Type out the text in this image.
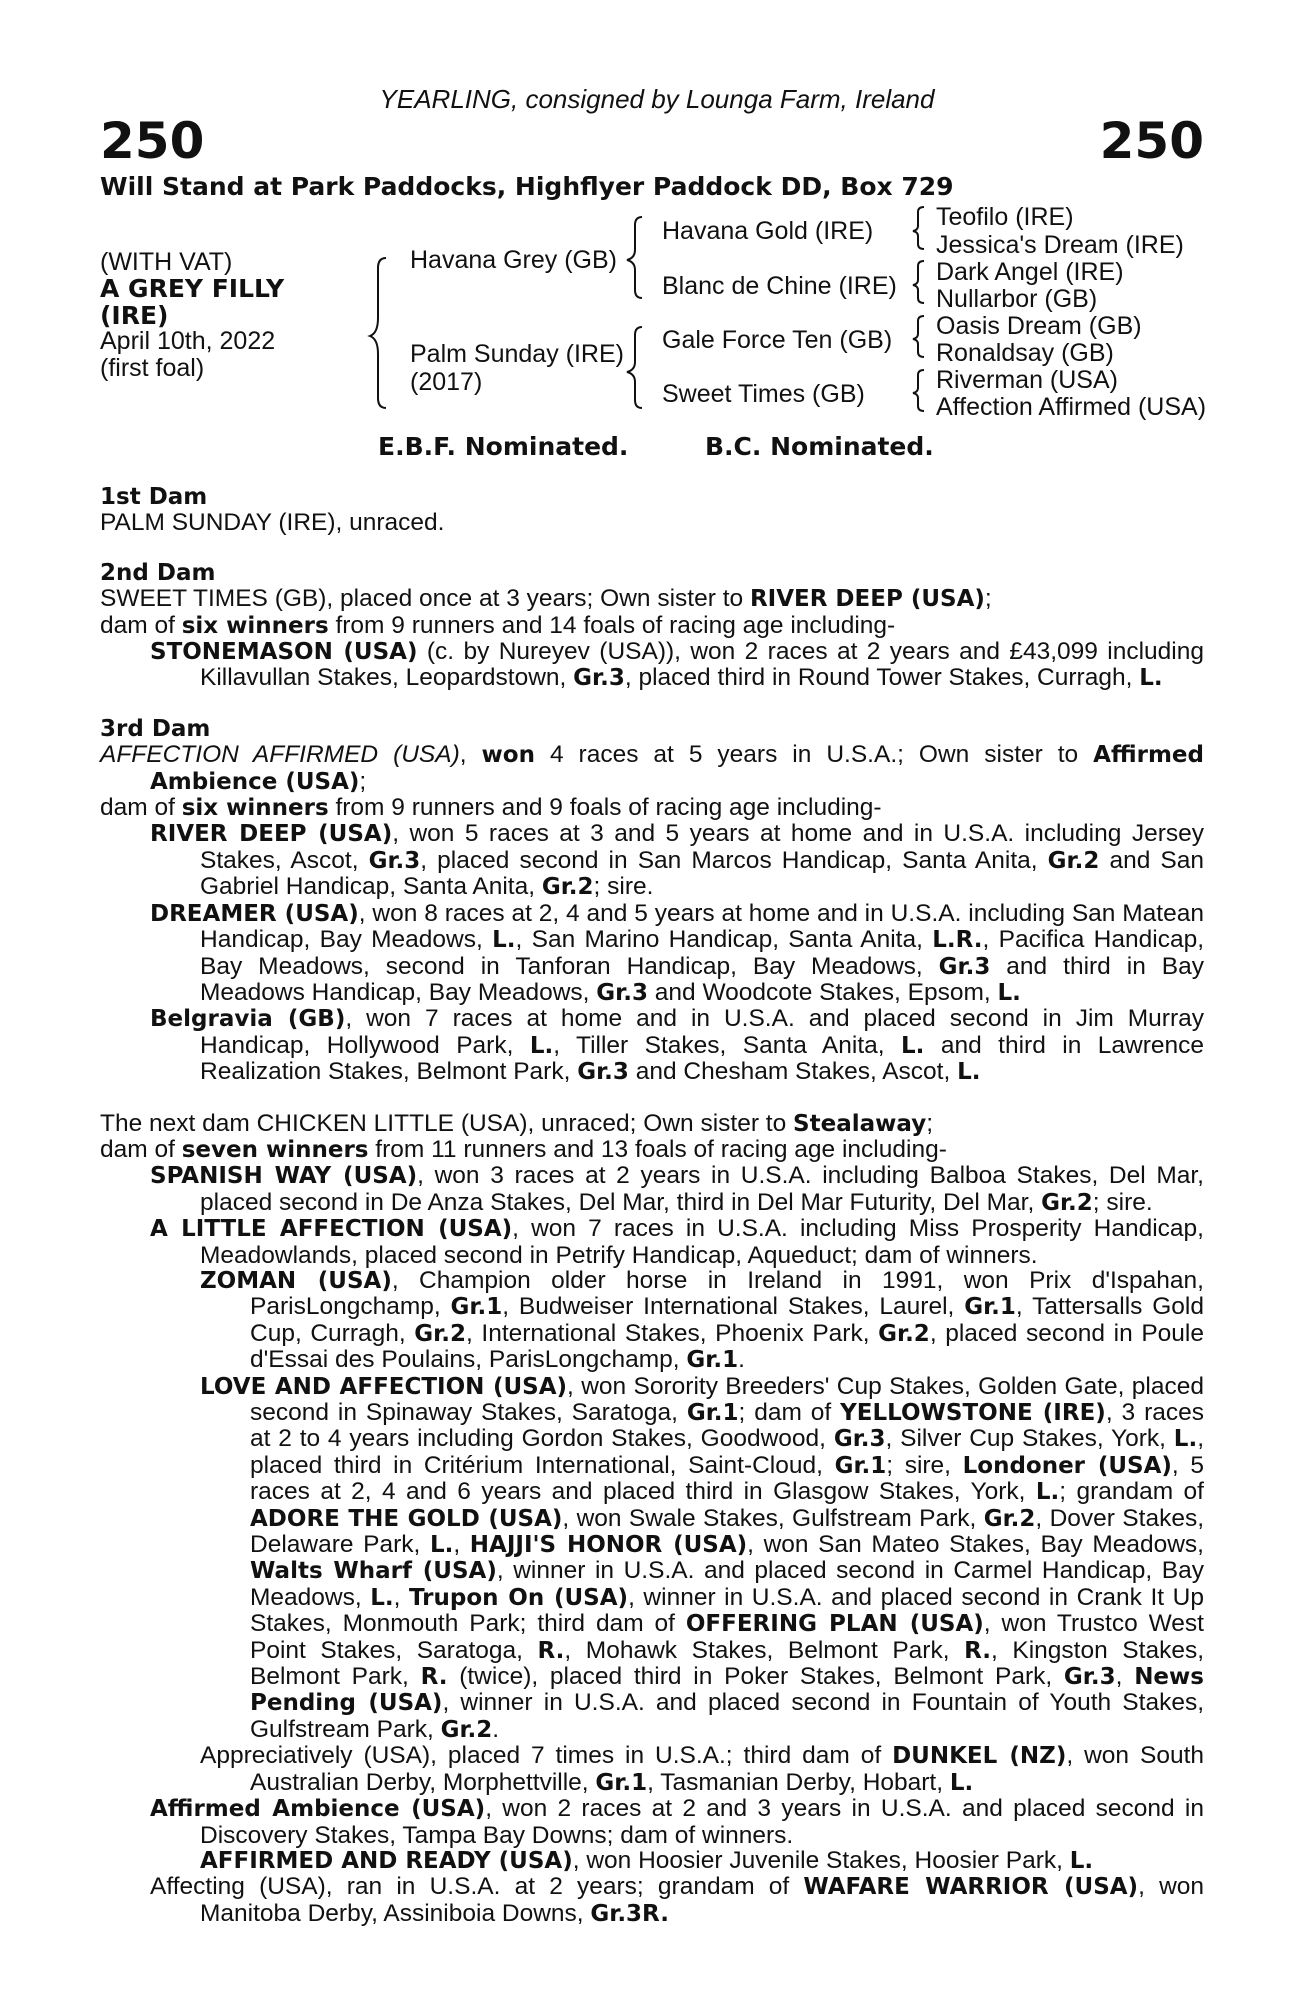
YEARLING, consigned by Lounga Farm, Ireland
250	250
Will Stand at Park Paddocks, Highflyer Paddock DD, Box 729
(WITH VAT)
A GREY FILLY
(IRE)
April 10th, 2022
(first foal)
Havana Grey (GB)
Palm Sunday (IRE)
(2017)
Havana Gold (IRE)
Blanc de Chine (IRE)
Gale Force Ten (GB)
Sweet Times (GB)
Teofilo (IRE)
Jessica's Dream (IRE)
Dark Angel (IRE)
Nullarbor (GB)
Oasis Dream (GB)
Ronaldsay (GB)
Riverman (USA)
Affection Affirmed (USA)
E.B.F. Nominated.	B.C. Nominated.
1st Dam

PALM SUNDAY (IRE), unraced.

2nd Dam

SWEET TIMES (GB), placed once at 3 years; Own sister to RIVER DEEP (USA);

dam of six winners from 9 runners and 14 foals of racing age including-

STONEMASON (USA) (c. by Nureyev (USA)), won 2 races at 2 years and £43,099 including Killavullan Stakes, Leopardstown, Gr.3, placed third in Round Tower Stakes, Curragh, L.

3rd Dam

AFFECTION AFFIRMED (USA), won 4 races at 5 years in U.S.A.; Own sister to Affirmed Ambience (USA);

dam of six winners from 9 runners and 9 foals of racing age including-

RIVER DEEP (USA), won 5 races at 3 and 5 years at home and in U.S.A. including Jersey Stakes, Ascot, Gr.3, placed second in San Marcos Handicap, Santa Anita, Gr.2 and San Gabriel Handicap, Santa Anita, Gr.2; sire.

DREAMER (USA), won 8 races at 2, 4 and 5 years at home and in U.S.A. including San Matean Handicap, Bay Meadows, L., San Marino Handicap, Santa Anita, L.R., Pacifica Handicap, Bay Meadows, second in Tanforan Handicap, Bay Meadows, Gr.3 and third in Bay Meadows Handicap, Bay Meadows, Gr.3 and Woodcote Stakes, Epsom, L.

Belgravia (GB), won 7 races at home and in U.S.A. and placed second in Jim Murray Handicap, Hollywood Park, L., Tiller Stakes, Santa Anita, L. and third in Lawrence Realization Stakes, Belmont Park, Gr.3 and Chesham Stakes, Ascot, L.

The next dam CHICKEN LITTLE (USA), unraced; Own sister to Stealaway;

dam of seven winners from 11 runners and 13 foals of racing age including-

SPANISH WAY (USA), won 3 races at 2 years in U.S.A. including Balboa Stakes, Del Mar, placed second in De Anza Stakes, Del Mar, third in Del Mar Futurity, Del Mar, Gr.2; sire.

A LITTLE AFFECTION (USA), won 7 races in U.S.A. including Miss Prosperity Handicap, Meadowlands, placed second in Petrify Handicap, Aqueduct; dam of winners.

ZOMAN (USA), Champion older horse in Ireland in 1991, won Prix d'Ispahan, ParisLongchamp, Gr.1, Budweiser International Stakes, Laurel, Gr.1, Tattersalls Gold Cup, Curragh, Gr.2, International Stakes, Phoenix Park, Gr.2, placed second in Poule d'Essai des Poulains, ParisLongchamp, Gr.1.

LOVE AND AFFECTION (USA), won Sorority Breeders' Cup Stakes, Golden Gate, placed second in Spinaway Stakes, Saratoga, Gr.1; dam of YELLOWSTONE (IRE), 3 races at 2 to 4 years including Gordon Stakes, Goodwood, Gr.3, Silver Cup Stakes, York, L., placed third in Critérium International, Saint-Cloud, Gr.1; sire, Londoner (USA), 5 races at 2, 4 and 6 years and placed third in Glasgow Stakes, York, L.; grandam of ADORE THE GOLD (USA), won Swale Stakes, Gulfstream Park, Gr.2, Dover Stakes, Delaware Park, L., HAJJI'S HONOR (USA), won San Mateo Stakes, Bay Meadows, Walts Wharf (USA), winner in U.S.A. and placed second in Carmel Handicap, Bay Meadows, L., Trupon On (USA), winner in U.S.A. and placed second in Crank It Up Stakes, Monmouth Park; third dam of OFFERING PLAN (USA), won Trustco West Point Stakes, Saratoga, R., Mohawk Stakes, Belmont Park, R., Kingston Stakes, Belmont Park, R. (twice), placed third in Poker Stakes, Belmont Park, Gr.3, News Pending (USA), winner in U.S.A. and placed second in Fountain of Youth Stakes, Gulfstream Park, Gr.2.

Appreciatively (USA), placed 7 times in U.S.A.; third dam of DUNKEL (NZ), won South Australian Derby, Morphettville, Gr.1, Tasmanian Derby, Hobart, L.

Affirmed Ambience (USA), won 2 races at 2 and 3 years in U.S.A. and placed second in Discovery Stakes, Tampa Bay Downs; dam of winners.

AFFIRMED AND READY (USA), won Hoosier Juvenile Stakes, Hoosier Park, L.

Affecting (USA), ran in U.S.A. at 2 years; grandam of WAFARE WARRIOR (USA), won Manitoba Derby, Assiniboia Downs, Gr.3R.
